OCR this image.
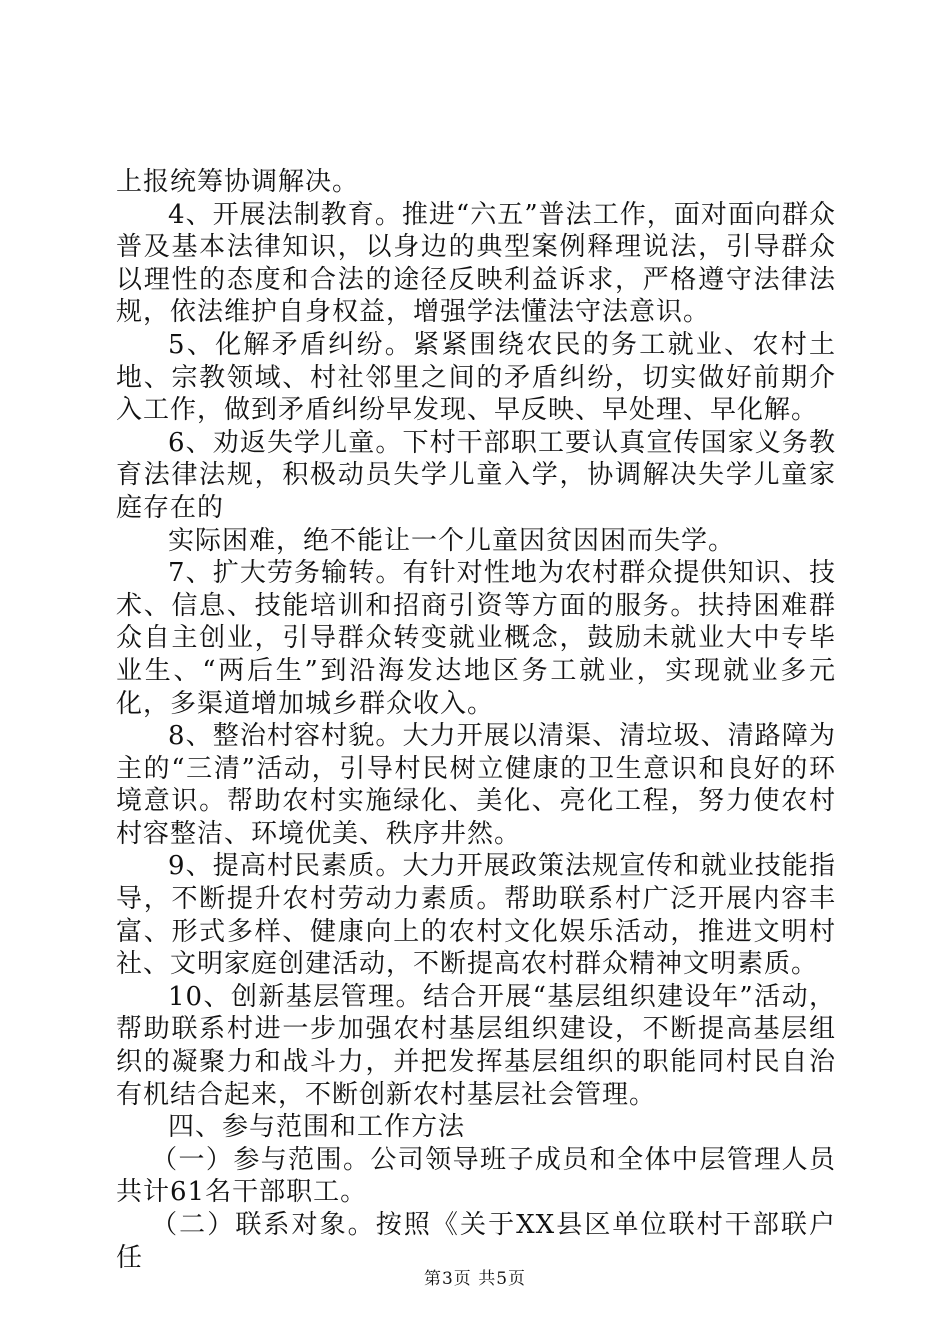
上报统筹协调解决。

4、开展法制教育。推进“六五”普法工作，面对面向群众普及基本法律知识，以身边的典型案例释理说法，引导群众以理性的态度和合法的途径反映利益诉求，严格遵守法律法规，依法维护自身权益，增强学法懂法守法意识。

5、化解矛盾纠纷。紧紧围绕农民的务工就业、农村土地、宗教领域、村社邻里之间的矛盾纠纷，切实做好前期介入工作，做到矛盾纠纷早发现、早反映、早处理、早化解。

6、劝返失学儿童。下村干部职工要认真宣传国家义务教育法律法规，积极动员失学儿童入学，协调解决失学儿童家庭存在的

实际困难，绝不能让一个儿童因贫因困而失学。

7、扩大劳务输转。有针对性地为农村群众提供知识、技术、信息、技能培训和招商引资等方面的服务。扶持困难群众自主创业，引导群众转变就业概念，鼓励未就业大中专毕业生、“两后生”到沿海发达地区务工就业，实现就业多元化，多渠道增加城乡群众收入。

8、整治村容村貌。大力开展以清渠、清垃圾、清路障为主的“三清”活动，引导村民树立健康的卫生意识和良好的环境意识。帮助农村实施绿化、美化、亮化工程，努力使农村村容整洁、环境优美、秩序井然。

9、提高村民素质。大力开展政策法规宣传和就业技能指导，不断提升农村劳动力素质。帮助联系村广泛开展内容丰富、形式多样、健康向上的农村文化娱乐活动，推进文明村社、文明家庭创建活动，不断提高农村群众精神文明素质。

10、创新基层管理。结合开展“基层组织建设年”活动，帮助联系村进一步加强农村基层组织建设，不断提高基层组织的凝聚力和战斗力，并把发挥基层组织的职能同村民自治有机结合起来，不断创新农村基层社会管理。

四、参与范围和工作方法

（一）参与范围。公司领导班子成员和全体中层管理人员共计61名干部职工。

（二）联系对象。按照《关于XX县区单位联村干部联户任

第3页 共5页
